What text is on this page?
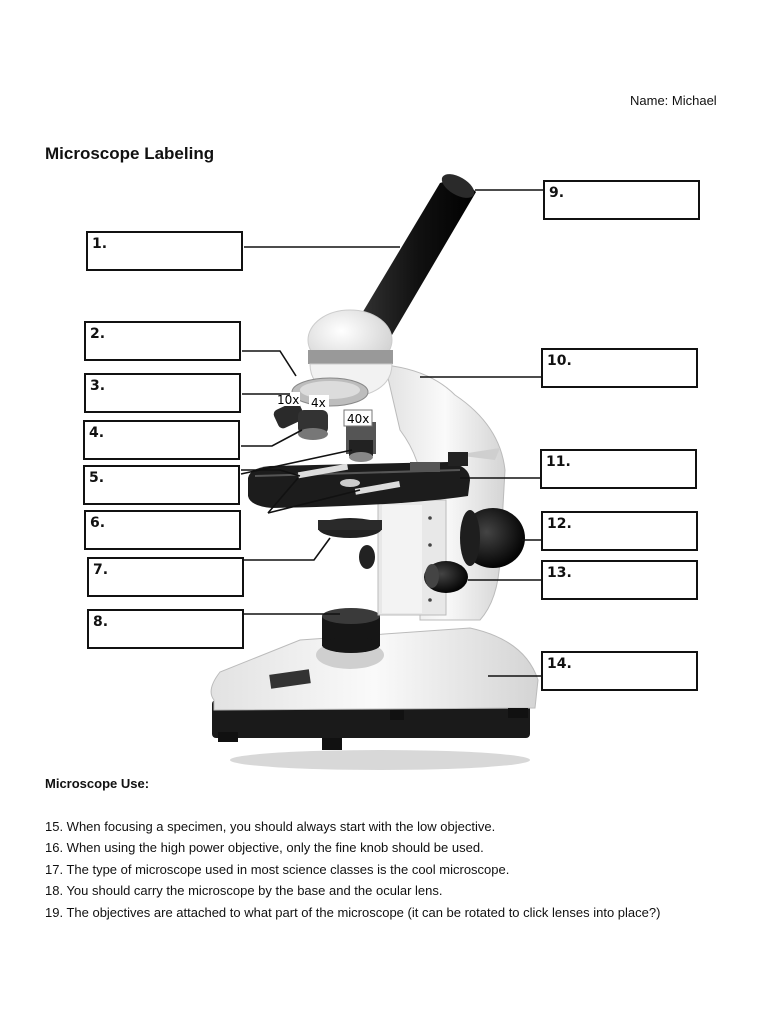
Name: Michael
Microscope Labeling
10x 4x
40x
1.
2.
3.
4.
5.
6.
7.
8.
9.
10.
11.
12.
13.
14.
Microscope Use:
15. When focusing a specimen, you should always start with the low objective.
16. When using the high power objective, only the fine knob should be used.
17. The type of microscope used in most science classes is the cool microscope.
18. You should carry the microscope by the base and the ocular lens.
19. The objectives are attached to what part of the microscope (it can be rotated to click lenses into place?)
